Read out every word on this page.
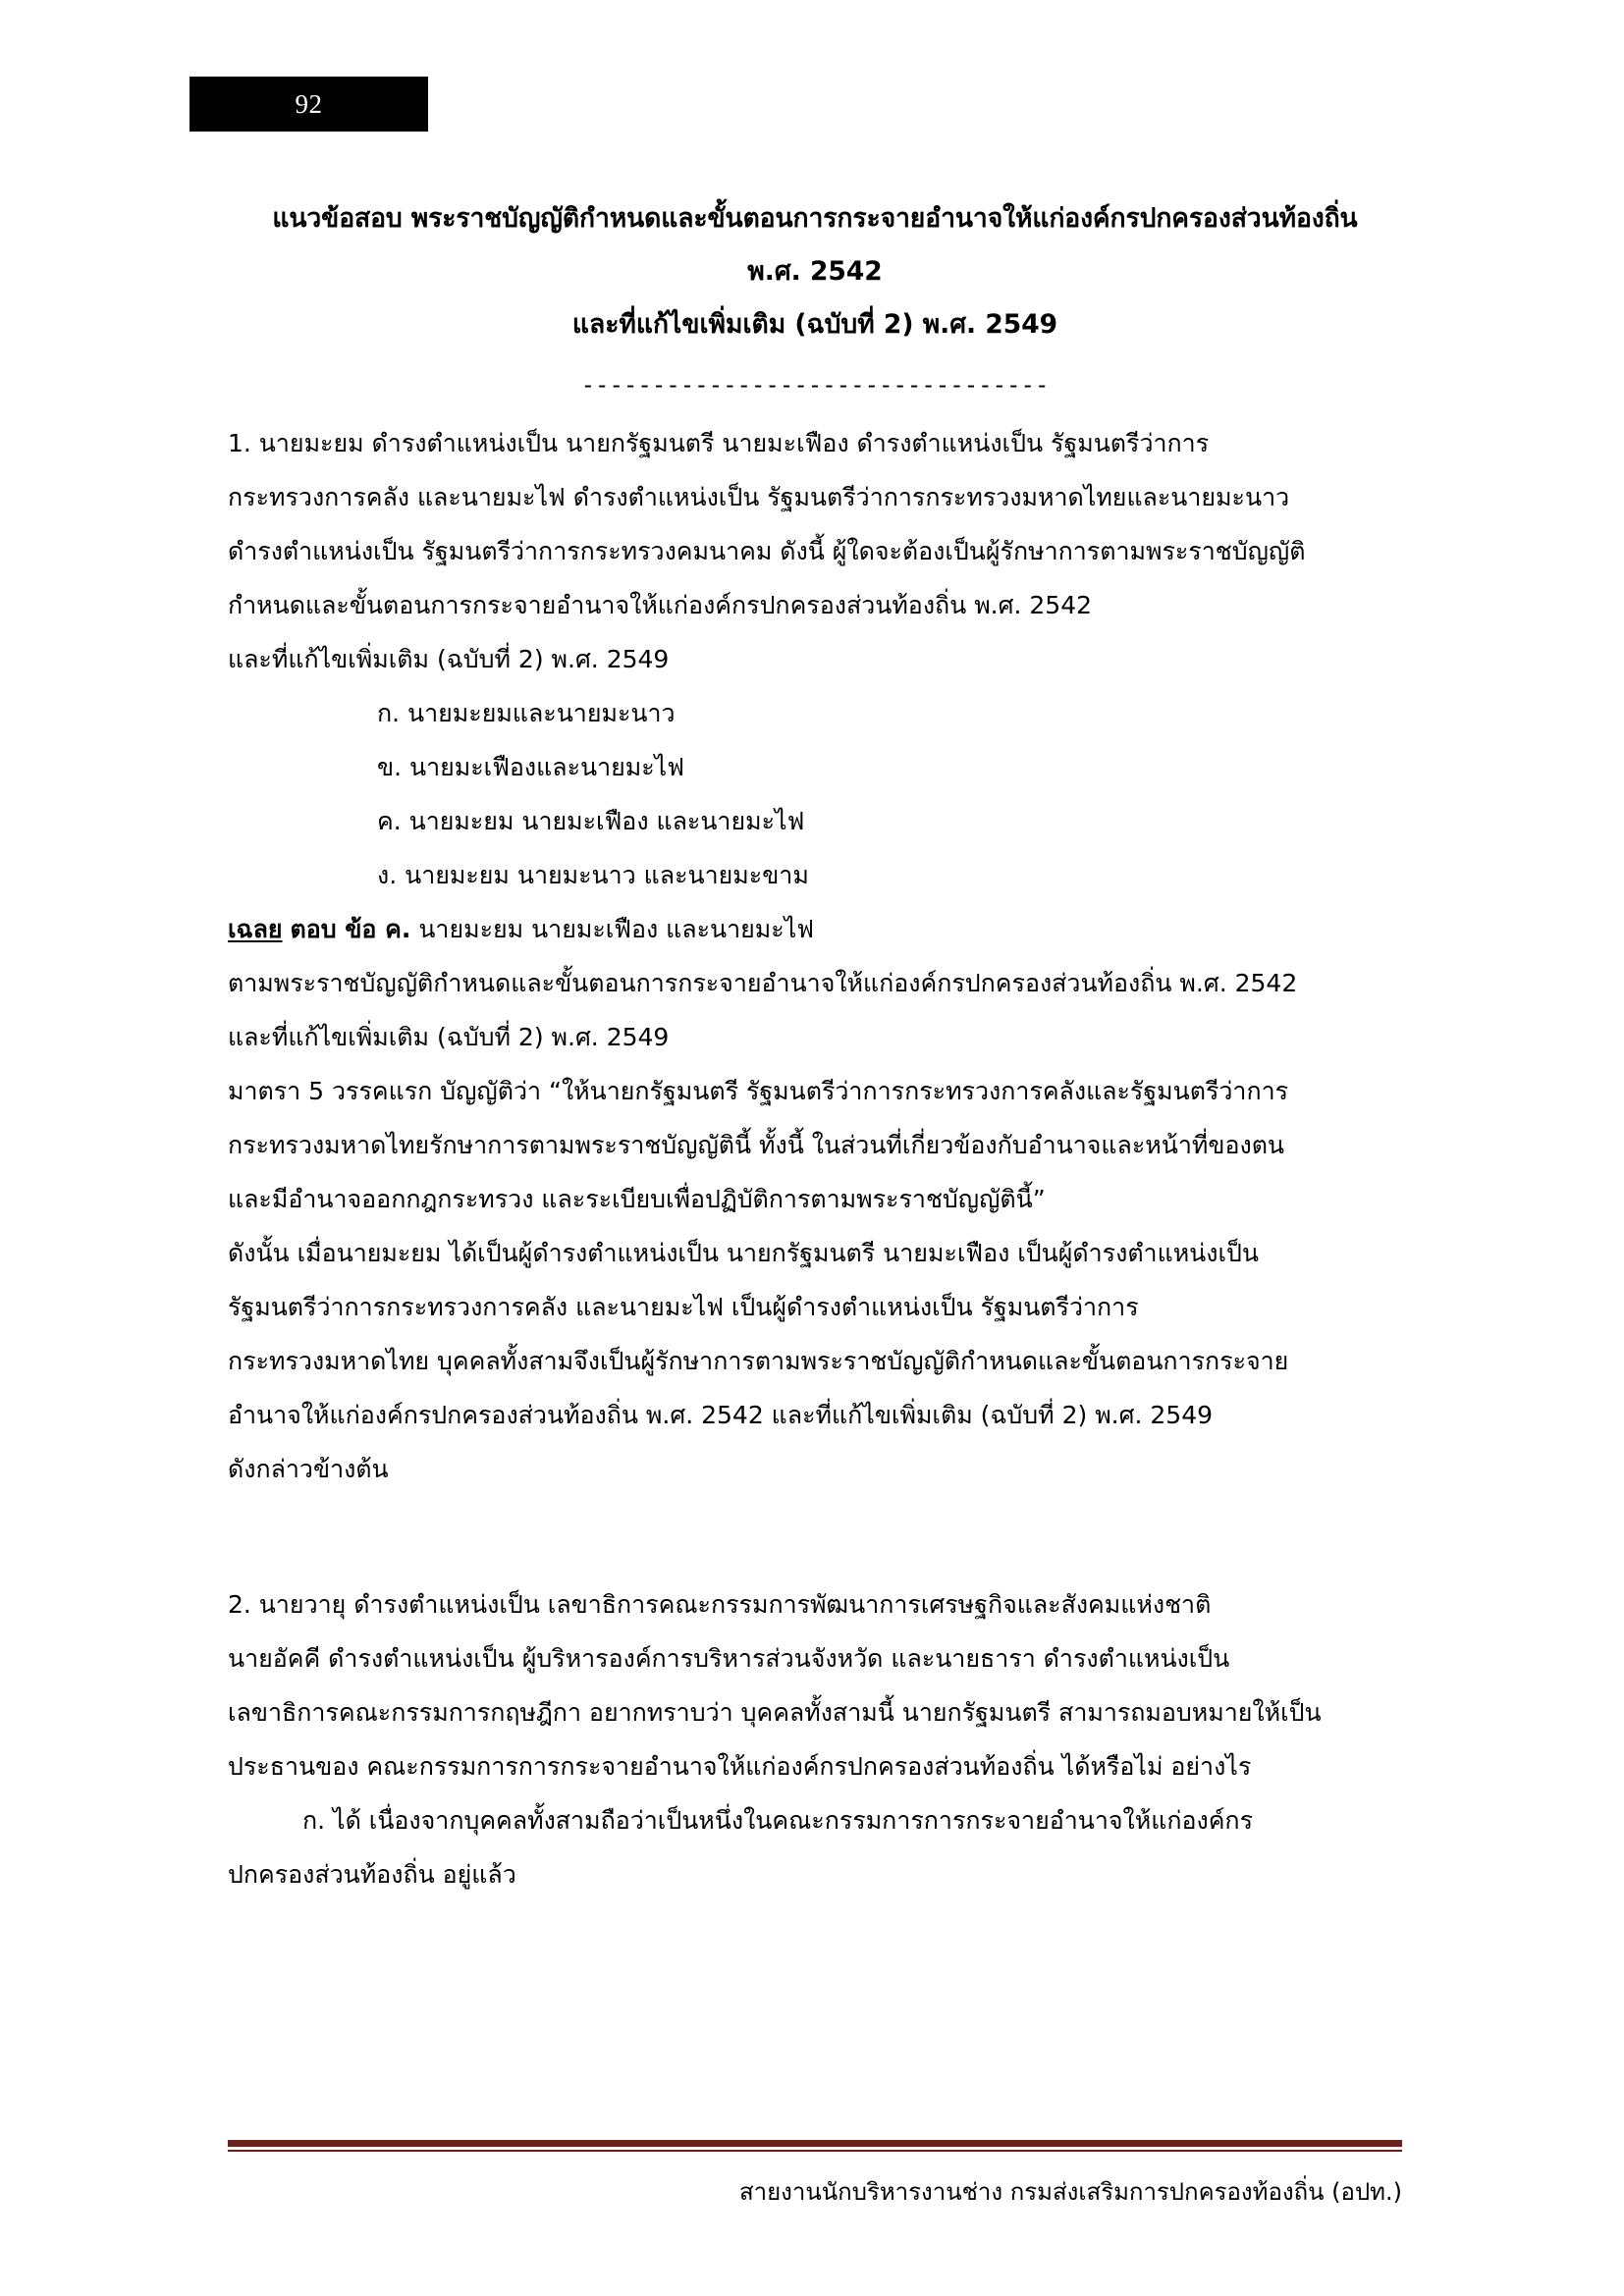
92
แนวข้อสอบ พระราชบัญญัติกำหนดและขั้นตอนการกระจายอำนาจให้แก่องค์กรปกครองส่วนท้องถิ่น
พ.ศ. 2542
และที่แก้ไขเพิ่มเติม (ฉบับที่ 2) พ.ศ. 2549
---------------------------------
1. นายมะยม ดำรงตำแหน่งเป็น นายกรัฐมนตรี นายมะเฟือง ดำรงตำแหน่งเป็น รัฐมนตรีว่าการ
กระทรวงการคลัง และนายมะไฟ ดำรงตำแหน่งเป็น รัฐมนตรีว่าการกระทรวงมหาดไทยและนายมะนาว
ดำรงตำแหน่งเป็น รัฐมนตรีว่าการกระทรวงคมนาคม ดังนี้ ผู้ใดจะต้องเป็นผู้รักษาการตามพระราชบัญญัติ
กำหนดและขั้นตอนการกระจายอำนาจให้แก่องค์กรปกครองส่วนท้องถิ่น พ.ศ. 2542
และที่แก้ไขเพิ่มเติม (ฉบับที่ 2) พ.ศ. 2549
ก. นายมะยมและนายมะนาว
ข. นายมะเฟืองและนายมะไฟ
ค. นายมะยม นายมะเฟือง และนายมะไฟ
ง. นายมะยม นายมะนาว และนายมะขาม
เฉลย ตอบ ข้อ ค. นายมะยม นายมะเฟือง และนายมะไฟ
ตามพระราชบัญญัติกำหนดและขั้นตอนการกระจายอำนาจให้แก่องค์กรปกครองส่วนท้องถิ่น พ.ศ. 2542
และที่แก้ไขเพิ่มเติม (ฉบับที่ 2) พ.ศ. 2549
มาตรา 5 วรรคแรก บัญญัติว่า “ให้นายกรัฐมนตรี รัฐมนตรีว่าการกระทรวงการคลังและรัฐมนตรีว่าการ
กระทรวงมหาดไทยรักษาการตามพระราชบัญญัตินี้ ทั้งนี้ ในส่วนที่เกี่ยวข้องกับอำนาจและหน้าที่ของตน
และมีอำนาจออกกฎกระทรวง และระเบียบเพื่อปฏิบัติการตามพระราชบัญญัตินี้”
ดังนั้น เมื่อนายมะยม ได้เป็นผู้ดำรงตำแหน่งเป็น นายกรัฐมนตรี นายมะเฟือง เป็นผู้ดำรงตำแหน่งเป็น
รัฐมนตรีว่าการกระทรวงการคลัง และนายมะไฟ เป็นผู้ดำรงตำแหน่งเป็น รัฐมนตรีว่าการ
กระทรวงมหาดไทย บุคคลทั้งสามจึงเป็นผู้รักษาการตามพระราชบัญญัติกำหนดและขั้นตอนการกระจาย
อำนาจให้แก่องค์กรปกครองส่วนท้องถิ่น พ.ศ. 2542 และที่แก้ไขเพิ่มเติม (ฉบับที่ 2) พ.ศ. 2549
ดังกล่าวข้างต้น
2. นายวายุ ดำรงตำแหน่งเป็น เลขาธิการคณะกรรมการพัฒนาการเศรษฐกิจและสังคมแห่งชาติ
นายอัคคี ดำรงตำแหน่งเป็น ผู้บริหารองค์การบริหารส่วนจังหวัด และนายธารา ดำรงตำแหน่งเป็น
เลขาธิการคณะกรรมการกฤษฎีกา อยากทราบว่า บุคคลทั้งสามนี้ นายกรัฐมนตรี สามารถมอบหมายให้เป็น
ประธานของ คณะกรรมการการกระจายอำนาจให้แก่องค์กรปกครองส่วนท้องถิ่น ได้หรือไม่ อย่างไร
ก. ได้ เนื่องจากบุคคลทั้งสามถือว่าเป็นหนึ่งในคณะกรรมการการกระจายอำนาจให้แก่องค์กร
ปกครองส่วนท้องถิ่น อยู่แล้ว
สายงานนักบริหารงานช่าง กรมส่งเสริมการปกครองท้องถิ่น (อปท.)
